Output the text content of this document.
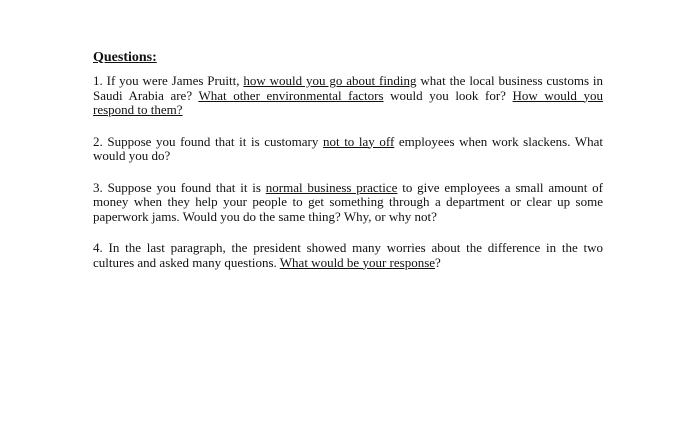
Questions:

1. If you were James Pruitt, how would you go about finding what the local business customs in Saudi Arabia are? What other environmental factors would you look for? How would you respond to them?

2. Suppose you found that it is customary not to lay off employees when work slackens. What would you do?

3. Suppose you found that it is normal business practice to give employees a small amount of money when they help your people to get something through a department or clear up some paperwork jams. Would you do the same thing? Why, or why not?

4. In the last paragraph, the president showed many worries about the difference in the two cultures and asked many questions. What would be your response?
